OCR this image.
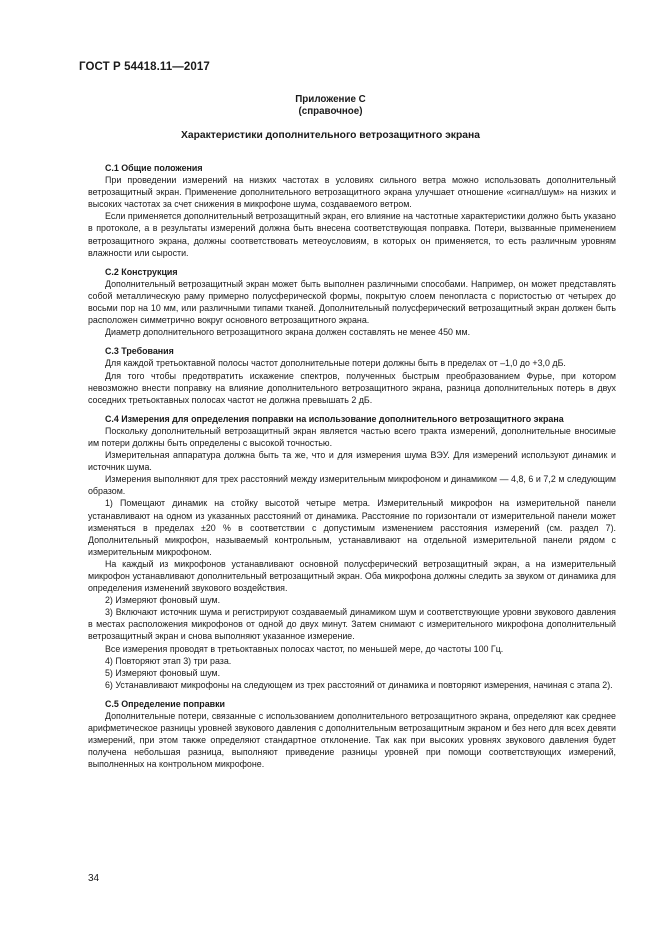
ГОСТ Р 54418.11—2017
Приложение С
(справочное)
Характеристики дополнительного ветрозащитного экрана
С.1 Общие положения

При проведении измерений на низких частотах в условиях сильного ветра можно использовать дополнительный ветрозащитный экран. Применение дополнительного ветрозащитного экрана улучшает отношение «сигнал/шум» на низких и высоких частотах за счет снижения в микрофоне шума, создаваемого ветром.

Если применяется дополнительный ветрозащитный экран, его влияние на частотные характеристики должно быть указано в протоколе, а в результаты измерений должна быть внесена соответствующая поправка. Потери, вызванные применением ветрозащитного экрана, должны соответствовать метеоусловиям, в которых он применяется, то есть различным уровням влажности или сырости.

С.2 Конструкция

Дополнительный ветрозащитный экран может быть выполнен различными способами. Например, он может представлять собой металлическую раму примерно полусферической формы, покрытую слоем пенопласта с пористостью от четырех до восьми пор на 10 мм, или различными типами тканей. Дополнительный полусферический ветрозащитный экран должен быть расположен симметрично вокруг основного ветрозащитного экрана.

Диаметр дополнительного ветрозащитного экрана должен составлять не менее 450 мм.

С.3 Требования

Для каждой третьоктавной полосы частот дополнительные потери должны быть в пределах от –1,0 до +3,0 дБ.

Для того чтобы предотвратить искажение спектров, полученных быстрым преобразованием Фурье, при котором невозможно внести поправку на влияние дополнительного ветрозащитного экрана, разница дополнительных потерь в двух соседних третьоктавных полосах частот не должна превышать 2 дБ.

С.4 Измерения для определения поправки на использование дополнительного ветрозащитного экрана

Поскольку дополнительный ветрозащитный экран является частью всего тракта измерений, дополнительные вносимые им потери должны быть определены с высокой точностью.

Измерительная аппаратура должна быть та же, что и для измерения шума ВЭУ. Для измерений используют динамик и источник шума.

Измерения выполняют для трех расстояний между измерительным микрофоном и динамиком — 4,8, 6 и 7,2 м следующим образом.

1) Помещают динамик на стойку высотой четыре метра. Измерительный микрофон на измерительной панели устанавливают на одном из указанных расстояний от динамика. Расстояние по горизонтали от измерительной панели может изменяться в пределах ±20 % в соответствии с допустимым изменением расстояния измерений (см. раздел 7). Дополнительный микрофон, называемый контрольным, устанавливают на отдельной измерительной панели рядом с измерительным микрофоном.

На каждый из микрофонов устанавливают основной полусферический ветрозащитный экран, а на измерительный микрофон устанавливают дополнительный ветрозащитный экран. Оба микрофона должны следить за звуком от динамика для определения изменений звукового воздействия.

2) Измеряют фоновый шум.

3) Включают источник шума и регистрируют создаваемый динамиком шум и соответствующие уровни звукового давления в местах расположения микрофонов от одной до двух минут. Затем снимают с измерительного микрофона дополнительный ветрозащитный экран и снова выполняют указанное измерение.

Все измерения проводят в третьоктавных полосах частот, по меньшей мере, до частоты 100 Гц.

4) Повторяют этап 3) три раза.

5) Измеряют фоновый шум.

6) Устанавливают микрофоны на следующем из трех расстояний от динамика и повторяют измерения, начиная с этапа 2).

С.5 Определение поправки

Дополнительные потери, связанные с использованием дополнительного ветрозащитного экрана, определяют как среднее арифметическое разницы уровней звукового давления с дополнительным ветрозащитным экраном и без него для всех девяти измерений, при этом также определяют стандартное отклонение. Так как при высоких уровнях звукового давления будет получена небольшая разница, выполняют приведение разницы уровней при помощи соответствующих измерений, выполненных на контрольном микрофоне.

34
